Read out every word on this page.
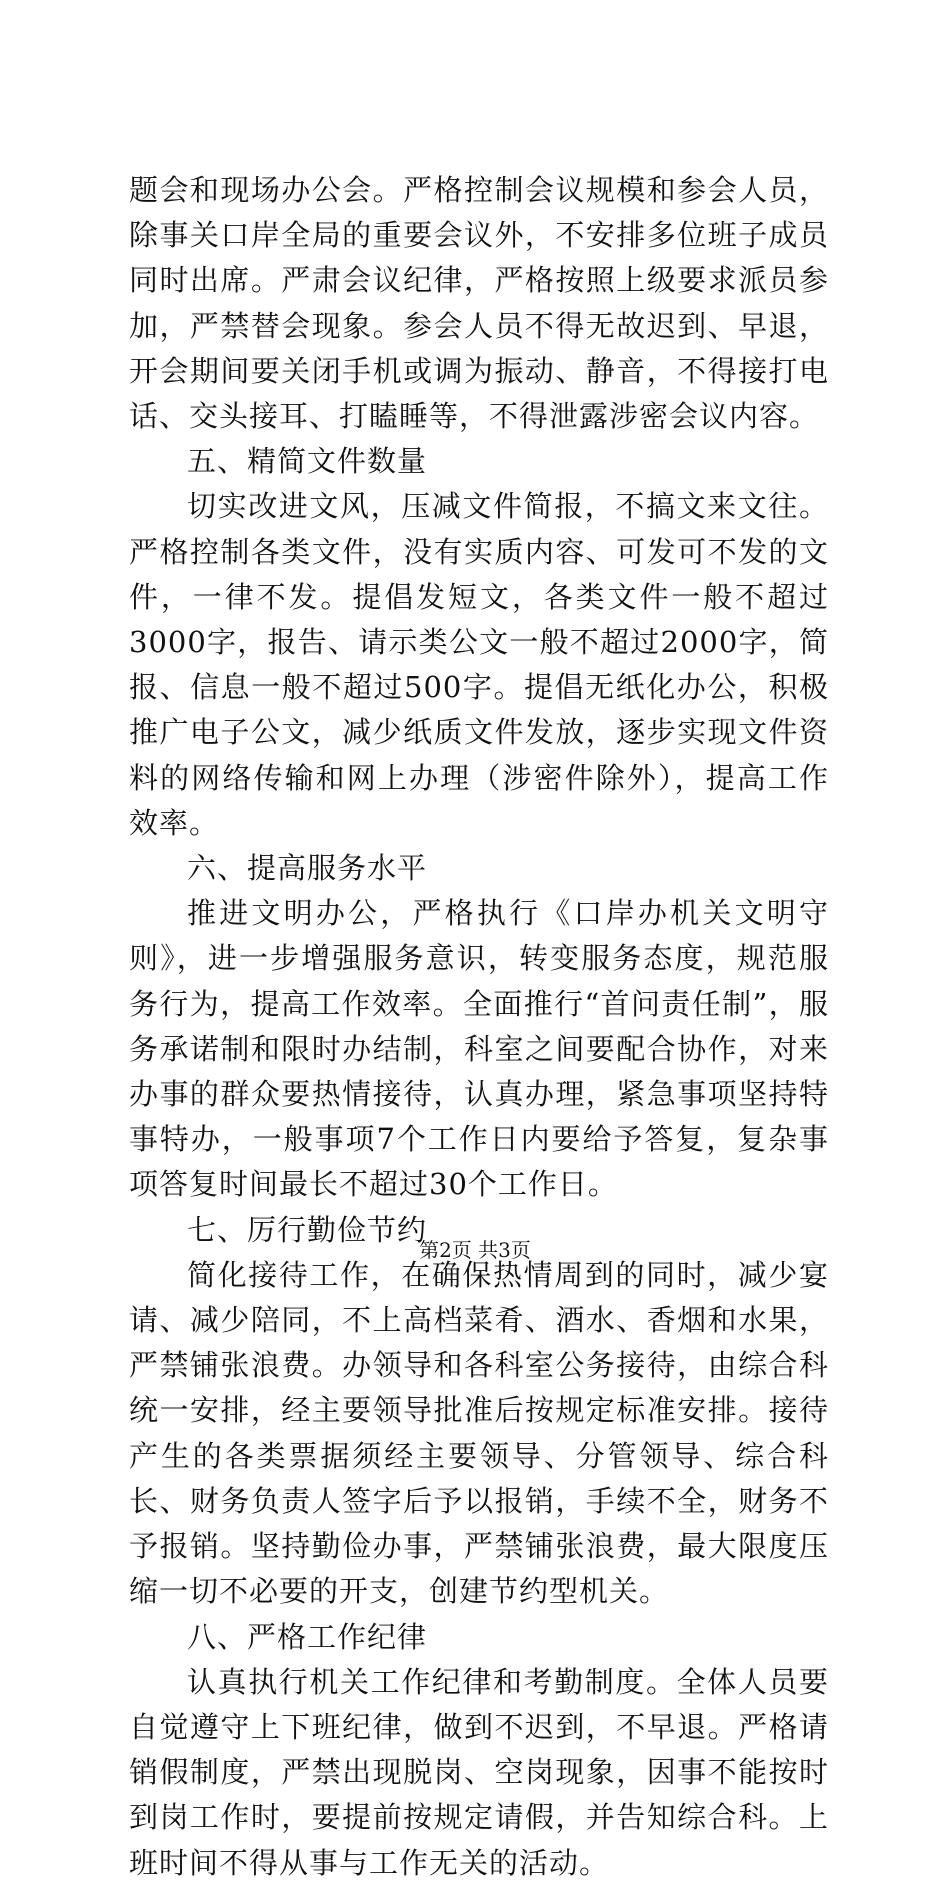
题会和现场办公会。严格控制会议规模和参会人员，除事关口岸全局的重要会议外，不安排多位班子成员同时出席。严肃会议纪律，严格按照上级要求派员参加，严禁替会现象。参会人员不得无故迟到、早退，开会期间要关闭手机或调为振动、静音，不得接打电话、交头接耳、打瞌睡等，不得泄露涉密会议内容。

五、精简文件数量

切实改进文风，压减文件简报，不搞文来文往。严格控制各类文件，没有实质内容、可发可不发的文件，一律不发。提倡发短文，各类文件一般不超过3000字，报告、请示类公文一般不超过2000字，简报、信息一般不超过500字。提倡无纸化办公，积极推广电子公文，减少纸质文件发放，逐步实现文件资料的网络传输和网上办理（涉密件除外），提高工作效率。

六、提高服务水平

推进文明办公，严格执行《口岸办机关文明守则》，进一步增强服务意识，转变服务态度，规范服务行为，提高工作效率。全面推行“首问责任制”，服务承诺制和限时办结制，科室之间要配合协作，对来办事的群众要热情接待，认真办理，紧急事项坚持特事特办，一般事项7个工作日内要给予答复，复杂事项答复时间最长不超过30个工作日。

七、厉行勤俭节约

简化接待工作，在确保热情周到的同时，减少宴请、减少陪同，不上高档菜肴、酒水、香烟和水果，严禁铺张浪费。办领导和各科室公务接待，由综合科统一安排，经主要领导批准后按规定标准安排。接待产生的各类票据须经主要领导、分管领导、综合科长、财务负责人签字后予以报销，手续不全，财务不予报销。坚持勤俭办事，严禁铺张浪费，最大限度压缩一切不必要的开支，创建节约型机关。

八、严格工作纪律

认真执行机关工作纪律和考勤制度。全体人员要自觉遵守上下班纪律，做到不迟到，不早退。严格请销假制度，严禁出现脱岗、空岗现象，因事不能按时到岗工作时，要提前按规定请假，并告知综合科。上班时间不得从事与工作无关的活动。

第2页 共3页
